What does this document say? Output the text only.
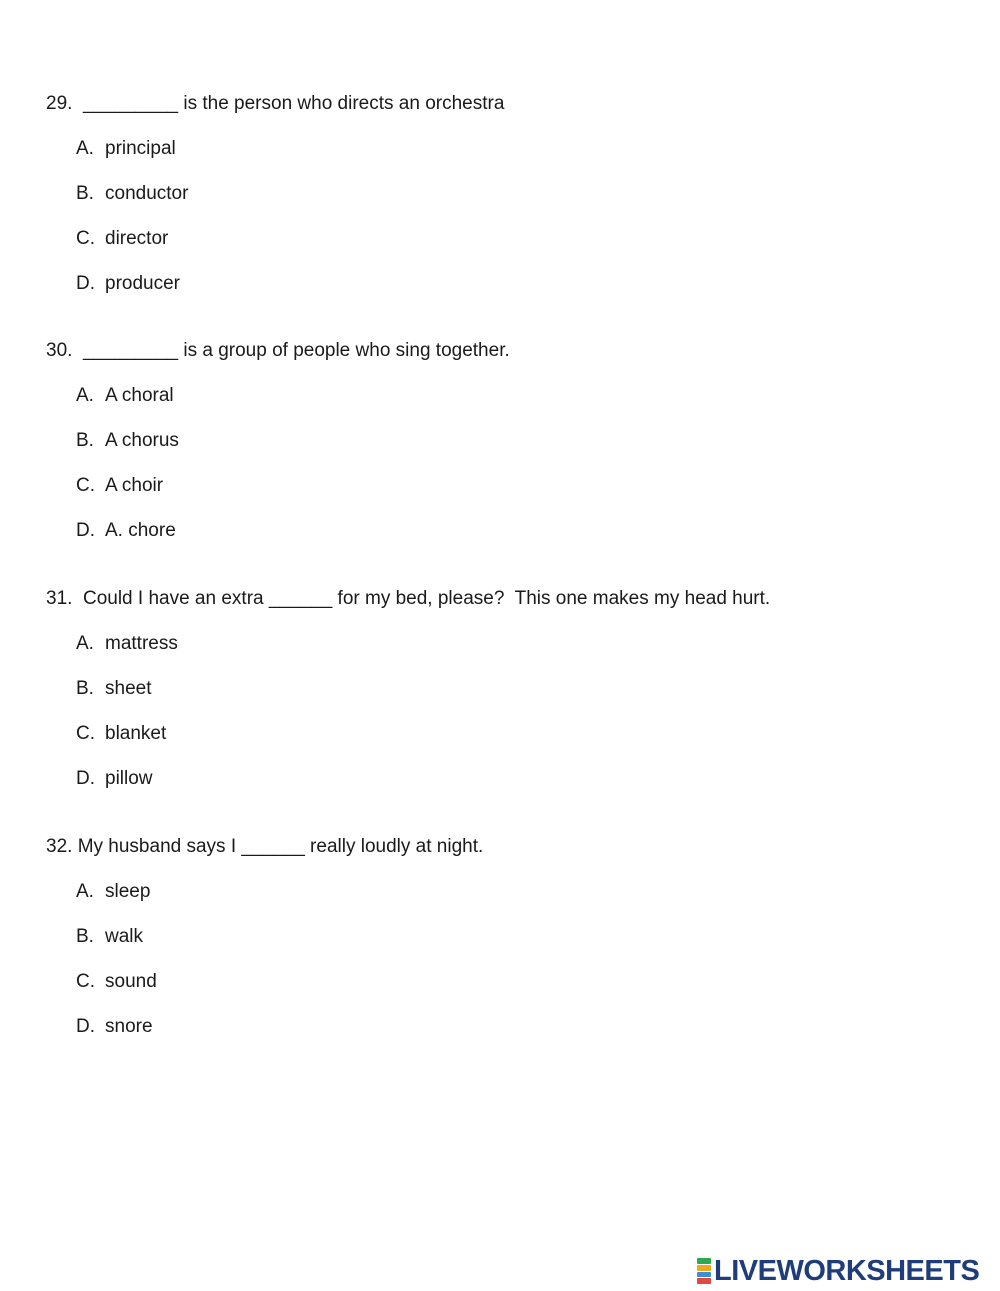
29.  _________ is the person who directs an orchestra

A. principal
B. conductor
C. director
D. producer

30.  _________ is a group of people who sing together.

A. A choral
B. A chorus
C. A choir
D. A. chore

31.  Could I have an extra ______ for my bed, please?  This one makes my head hurt.

A. mattress
B. sheet
C. blanket
D. pillow

32. My husband says I ______ really loudly at night.

A. sleep
B. walk
C. sound
D. snore
LIVEWORKSHEETS
